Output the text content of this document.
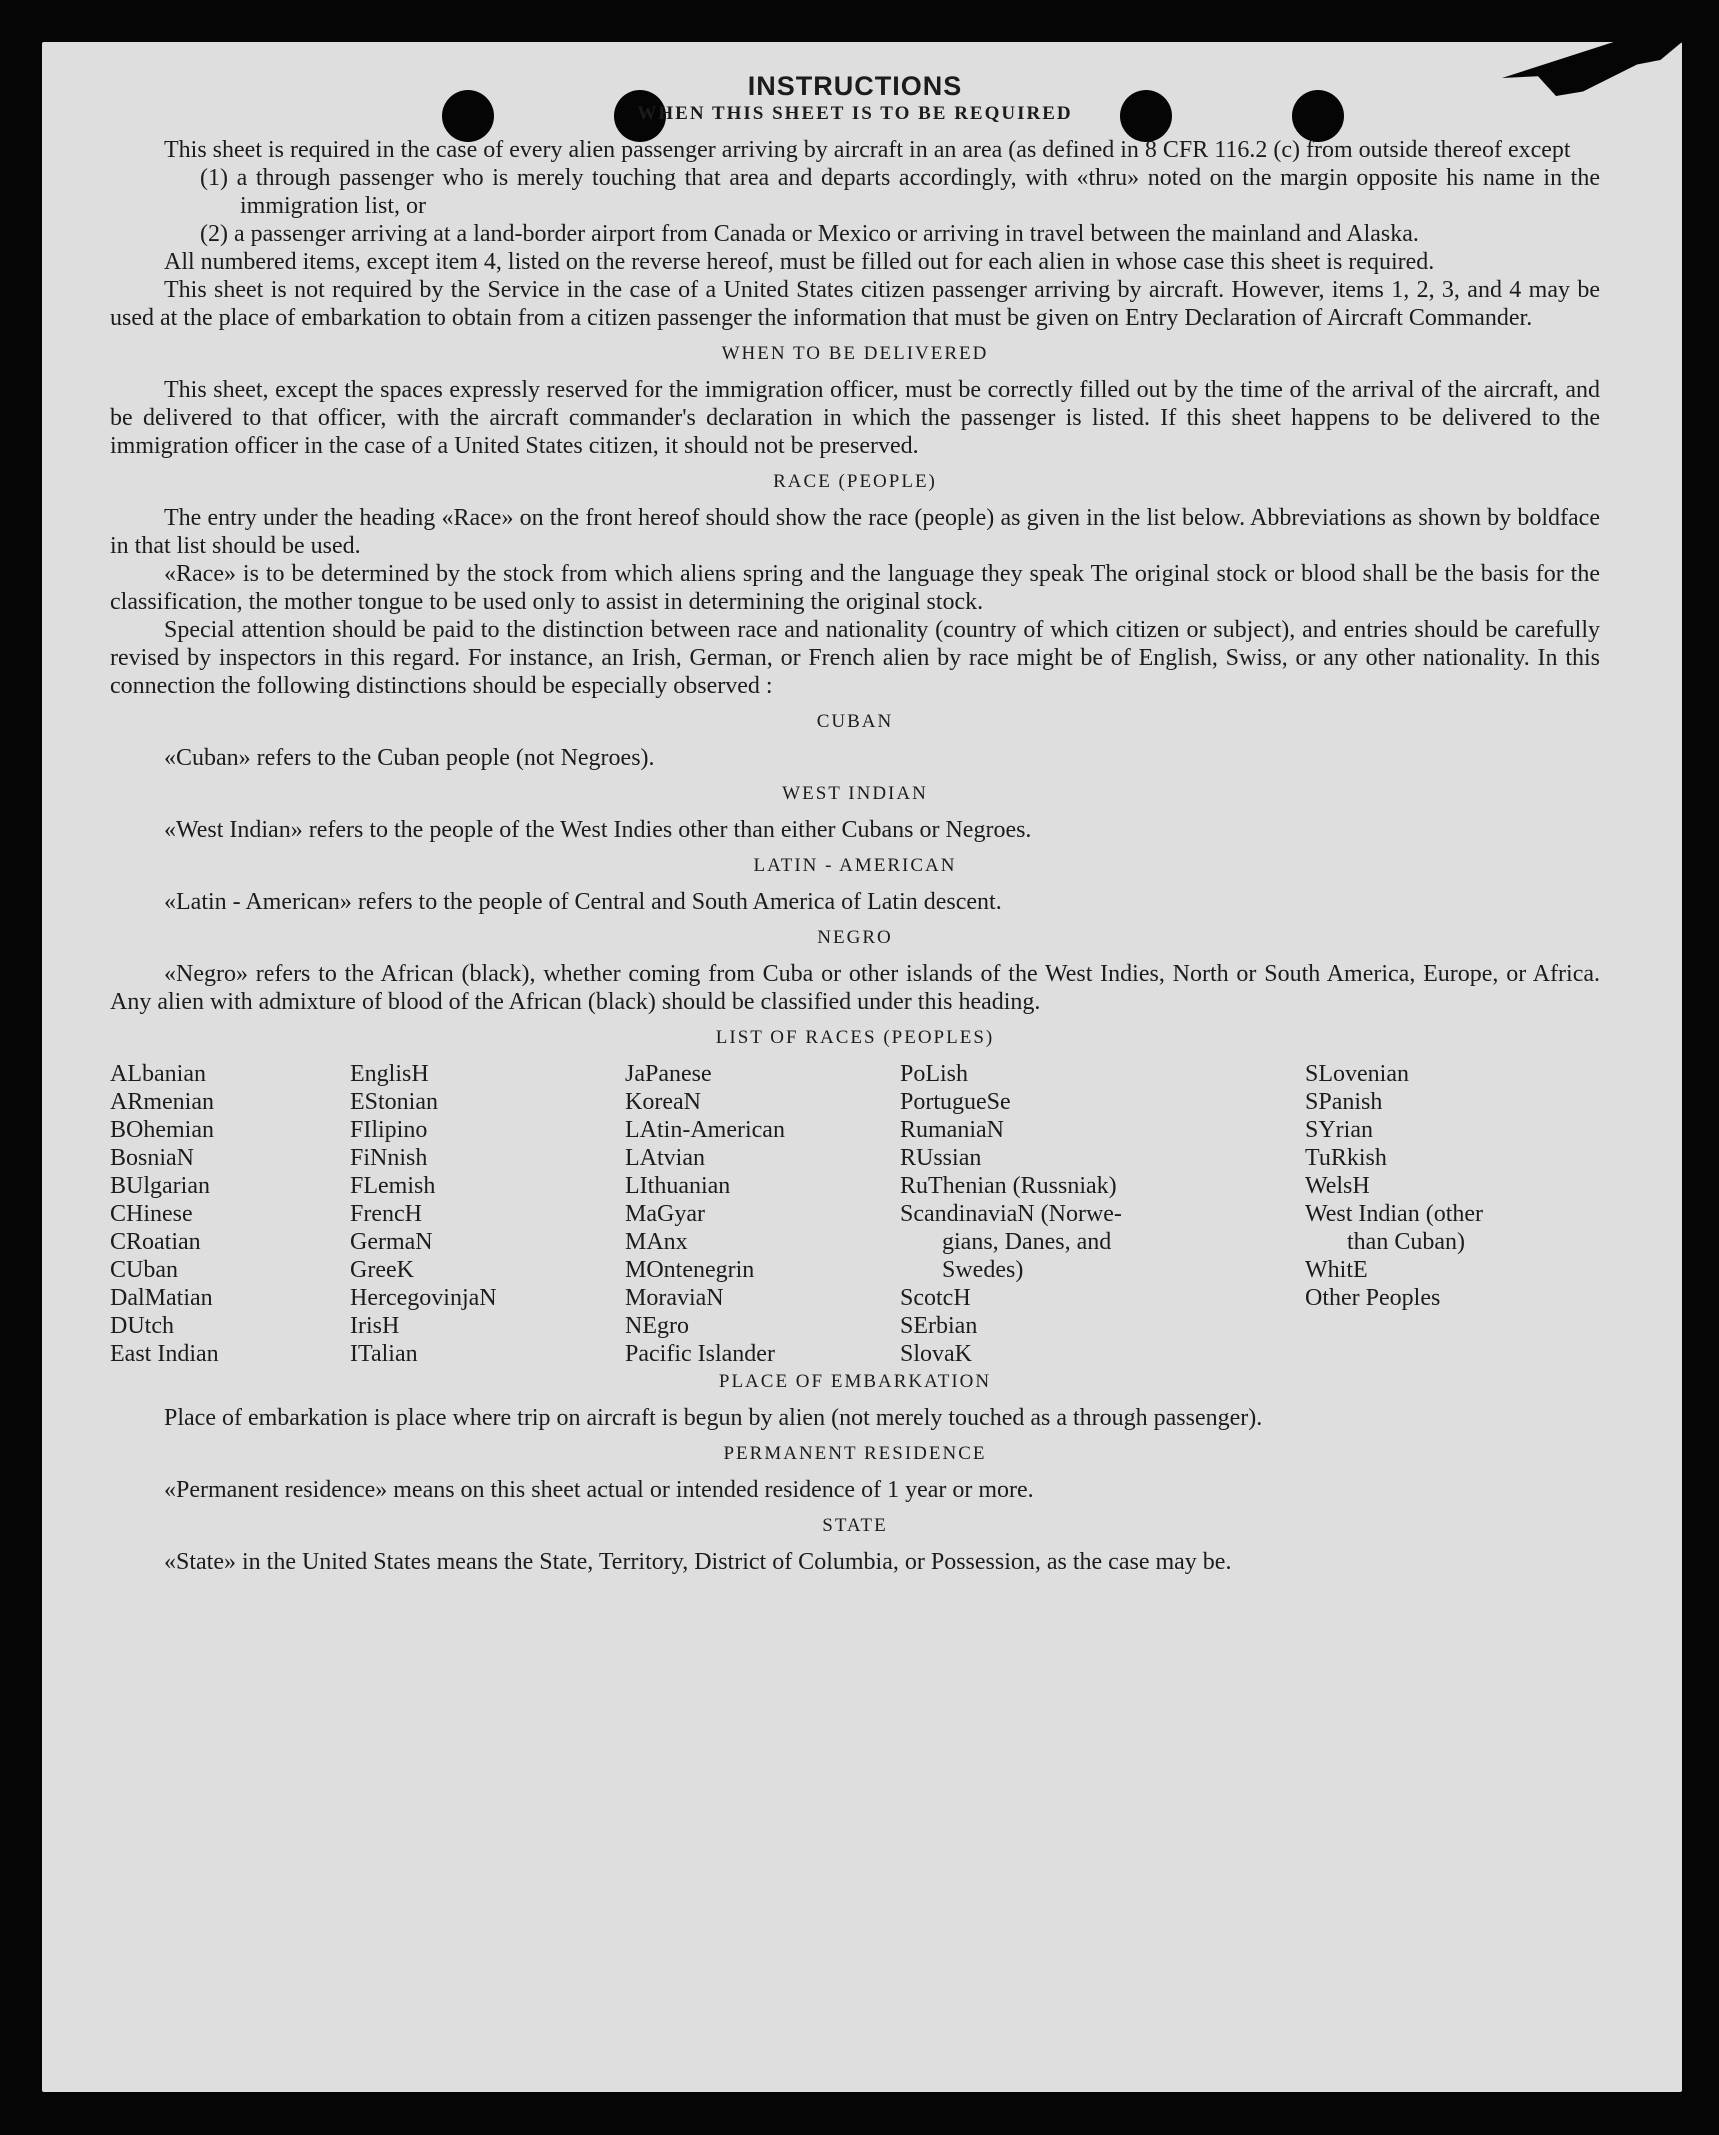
INSTRUCTIONS
WHEN THIS SHEET IS TO BE REQUIRED

This sheet is required in the case of every alien passenger arriving by aircraft in an area (as defined in 8 CFR 116.2 (c) from outside thereof except

(1) a through passenger who is merely touching that area and departs accordingly, with «thru» noted on the margin opposite his name in the immigration list, or

(2) a passenger arriving at a land-border airport from Canada or Mexico or arriving in travel between the mainland and Alaska.

All numbered items, except item 4, listed on the reverse hereof, must be filled out for each alien in whose case this sheet is required.

This sheet is not required by the Service in the case of a United States citizen passenger arriving by aircraft. However, items 1, 2, 3, and 4 may be used at the place of embarkation to obtain from a citizen passenger the information that must be given on Entry Declaration of Aircraft Commander.

WHEN TO BE DELIVERED

This sheet, except the spaces expressly reserved for the immigration officer, must be correctly filled out by the time of the arrival of the aircraft, and be delivered to that officer, with the aircraft commander's declaration in which the passenger is listed. If this sheet happens to be delivered to the immigration officer in the case of a United States citizen, it should not be preserved.

RACE (PEOPLE)

The entry under the heading «Race» on the front hereof should show the race (people) as given in the list below. Abbreviations as shown by boldface in that list should be used.

«Race» is to be determined by the stock from which aliens spring and the language they speak The original stock or blood shall be the basis for the classification, the mother tongue to be used only to assist in determining the original stock.

Special attention should be paid to the distinction between race and nationality (country of which citizen or subject), and entries should be carefully revised by inspectors in this regard. For instance, an Irish, German, or French alien by race might be of English, Swiss, or any other nationality. In this connection the following distinctions should be especially observed :

CUBAN

«Cuban» refers to the Cuban people (not Negroes).

WEST INDIAN

«West Indian» refers to the people of the West Indies other than either Cubans or Negroes.

LATIN - AMERICAN

«Latin - American» refers to the people of Central and South America of Latin descent.

NEGRO

«Negro» refers to the African (black), whether coming from Cuba or other islands of the West Indies, North or South America, Europe, or Africa. Any alien with admixture of blood of the African (black) should be classified under this heading.

LIST OF RACES (PEOPLES)
ALbanian
ARmenian
BOhemian
BosniaN
BUlgarian
CHinese
CRoatian
CUban
DalMatian
DUtch
East Indian
EnglisH
EStonian
FIlipino
FiNnish
FLemish
FrencH
GermaN
GreeK
HercegovinjaN
IrisH
ITalian
JaPanese
KoreaN
LAtin-American
LAtvian
LIthuanian
MaGyar
MAnx
MOntenegrin
MoraviaN
NEgro
Pacific Islander
PoLish
PortugueSe
RumaniaN
RUssian
RuThenian (Russniak)
ScandinaviaN (Norwe-
gians, Danes, and
Swedes)
ScotcH
SErbian
SlovaK
SLovenian
SPanish
SYrian
TuRkish
WelsH
West Indian (other
than Cuban)
WhitE
Other Peoples
PLACE OF EMBARKATION

Place of embarkation is place where trip on aircraft is begun by alien (not merely touched as a through passenger).

PERMANENT RESIDENCE

«Permanent residence» means on this sheet actual or intended residence of 1 year or more.

STATE

«State» in the United States means the State, Territory, District of Columbia, or Possession, as the case may be.
